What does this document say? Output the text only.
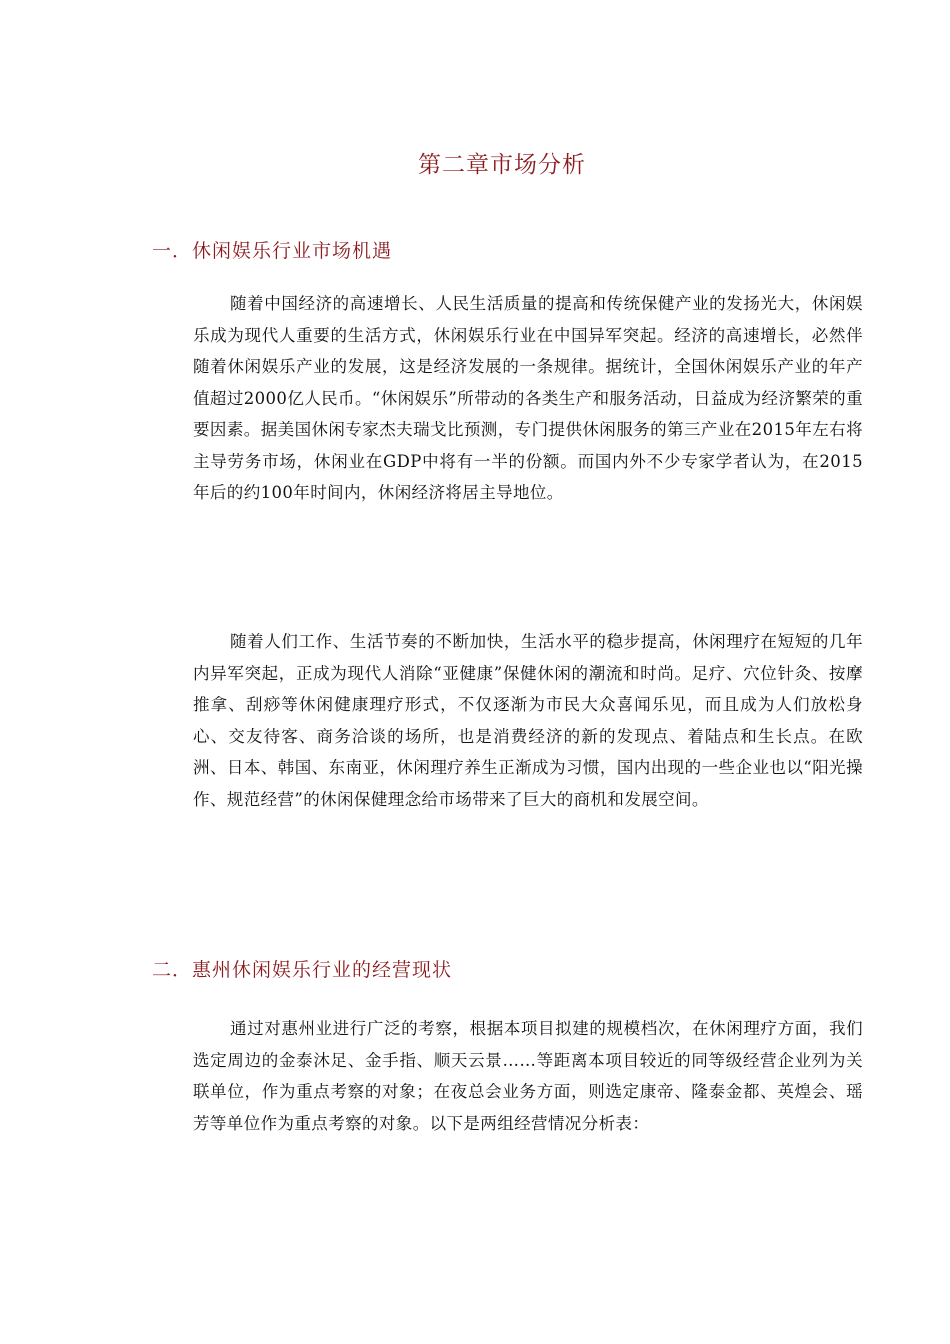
第二章市场分析
一．休闲娱乐行业市场机遇

随着中国经济的高速增长、人民生活质量的提高和传统保健产业的发扬光大，休闲娱乐成为现代人重要的生活方式，休闲娱乐行业在中国异军突起。经济的高速增长，必然伴随着休闲娱乐产业的发展，这是经济发展的一条规律。据统计，全国休闲娱乐产业的年产值超过2000亿人民币。“休闲娱乐”所带动的各类生产和服务活动，日益成为经济繁荣的重要因素。据美国休闲专家杰夫瑞戈比预测，专门提供休闲服务的第三产业在2015年左右将主导劳务市场，休闲业在GDP中将有一半的份额。而国内外不少专家学者认为，在2015年后的约100年时间内，休闲经济将居主导地位。

随着人们工作、生活节奏的不断加快，生活水平的稳步提高，休闲理疗在短短的几年内异军突起，正成为现代人消除“亚健康”保健休闲的潮流和时尚。足疗、穴位针灸、按摩推拿、刮痧等休闲健康理疗形式，不仅逐渐为市民大众喜闻乐见，而且成为人们放松身心、交友待客、商务洽谈的场所，也是消费经济的新的发现点、着陆点和生长点。在欧洲、日本、韩国、东南亚，休闲理疗养生正渐成为习惯，国内出现的一些企业也以“阳光操作、规范经营”的休闲保健理念给市场带来了巨大的商机和发展空间。

二．惠州休闲娱乐行业的经营现状

通过对惠州业进行广泛的考察，根据本项目拟建的规模档次，在休闲理疗方面，我们选定周边的金泰沐足、金手指、顺天云景……等距离本项目较近的同等级经营企业列为关联单位，作为重点考察的对象；在夜总会业务方面，则选定康帝、隆泰金都、英煌会、瑶芳等单位作为重点考察的对象。以下是两组经营情况分析表：
